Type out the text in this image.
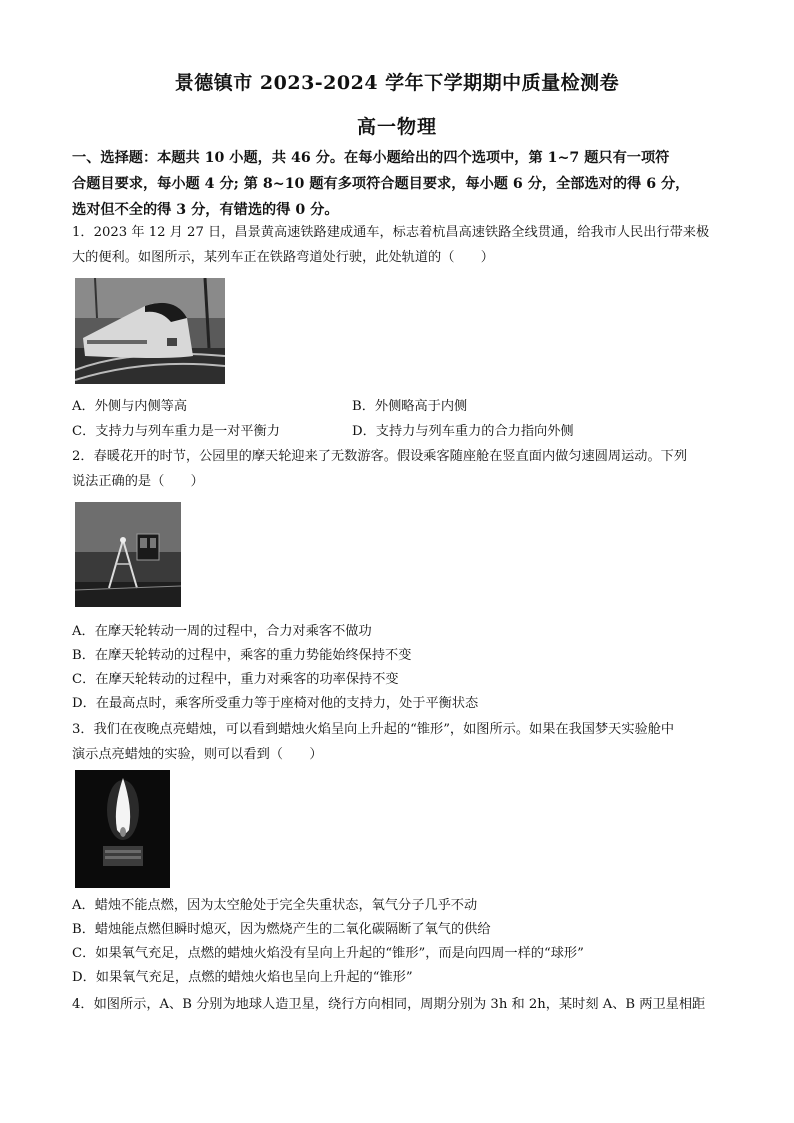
景德镇市 2023-2024 学年下学期期中质量检测卷
高一物理
一、选择题：本题共 10 小题，共 46 分。在每小题给出的四个选项中，第 1~7 题只有一项符
合题目要求，每小题 4 分; 第 8~10 题有多项符合题目要求，每小题 6 分，全部选对的得 6 分，
选对但不全的得 3 分，有错选的得 0 分。
1．2023 年 12 月 27 日，昌景黄高速铁路建成通车，标志着杭昌高速铁路全线贯通，给我市人民出行带来极
大的便利。如图所示，某列车正在铁路弯道处行驶，此处轨道的（　　）
A．外侧与内侧等高	B．外侧略高于内侧
C．支持力与列车重力是一对平衡力	D．支持力与列车重力的合力指向外侧
2．春暖花开的时节，公园里的摩天轮迎来了无数游客。假设乘客随座舱在竖直面内做匀速圆周运动。下列
说法正确的是（　　）
A．在摩天轮转动一周的过程中，合力对乘客不做功
B．在摩天轮转动的过程中，乘客的重力势能始终保持不变
C．在摩天轮转动的过程中，重力对乘客的功率保持不变
D．在最高点时，乘客所受重力等于座椅对他的支持力，处于平衡状态
3．我们在夜晚点亮蜡烛，可以看到蜡烛火焰呈向上升起的“锥形”，如图所示。如果在我国梦天实验舱中
演示点亮蜡烛的实验，则可以看到（　　）
A．蜡烛不能点燃，因为太空舱处于完全失重状态，氧气分子几乎不动
B．蜡烛能点燃但瞬时熄灭，因为燃烧产生的二氧化碳隔断了氧气的供给
C．如果氧气充足，点燃的蜡烛火焰没有呈向上升起的“锥形”，而是向四周一样的“球形”
D．如果氧气充足，点燃的蜡烛火焰也呈向上升起的“锥形”
4．如图所示，A、B 分别为地球人造卫星，绕行方向相同，周期分别为 3h 和 2h，某时刻 A、B 两卫星相距
